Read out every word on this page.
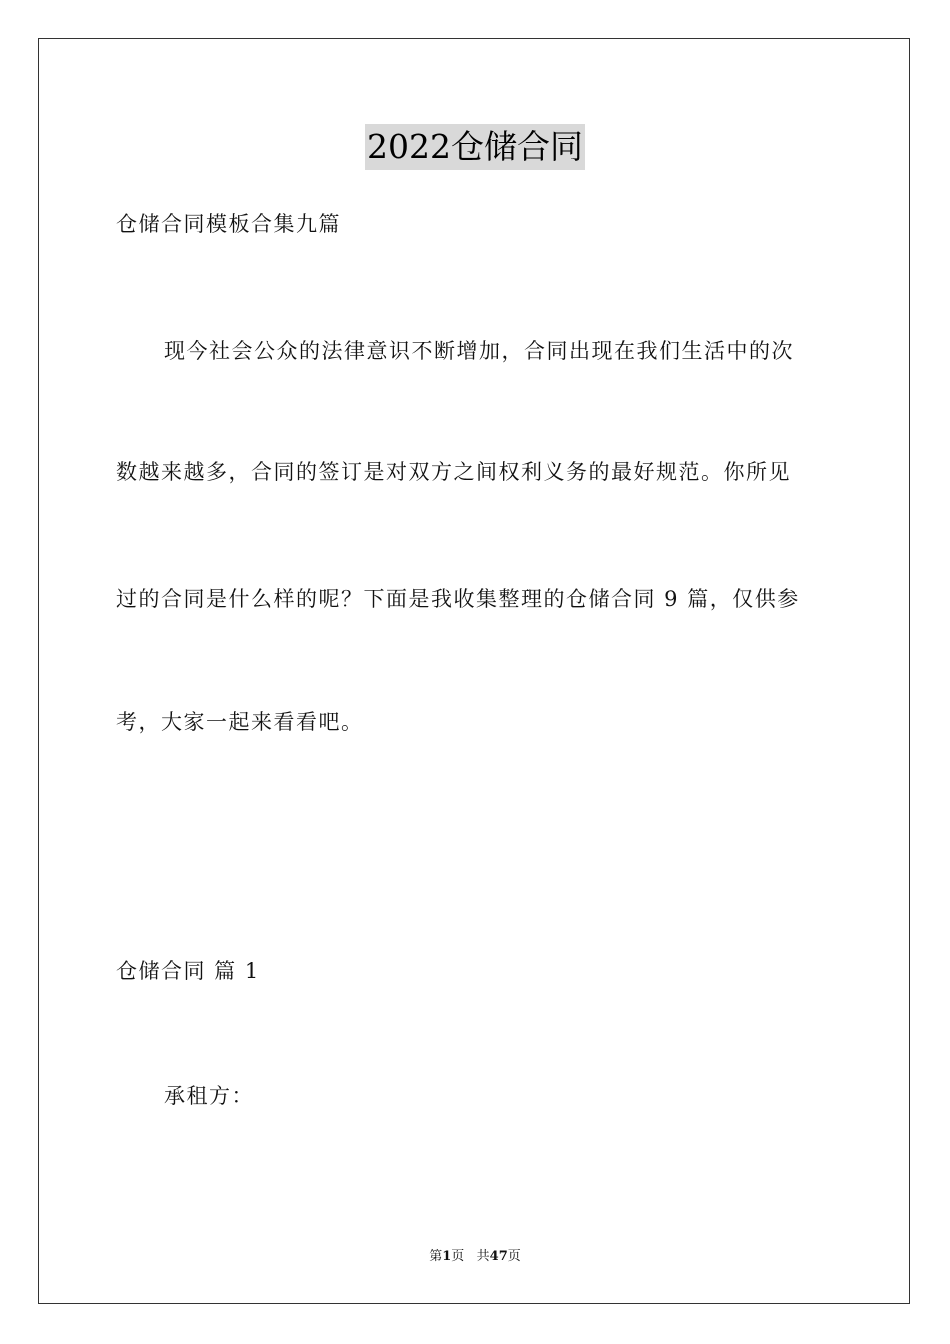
2022仓储合同
仓储合同模板合集九篇
现今社会公众的法律意识不断增加，合同出现在我们生活中的次
数越来越多，合同的签订是对双方之间权利义务的最好规范。你所见
过的合同是什么样的呢？下面是我收集整理的仓储合同 9 篇，仅供参
考，大家一起来看看吧。
仓储合同 篇 1
承租方：
第1页   共47页
